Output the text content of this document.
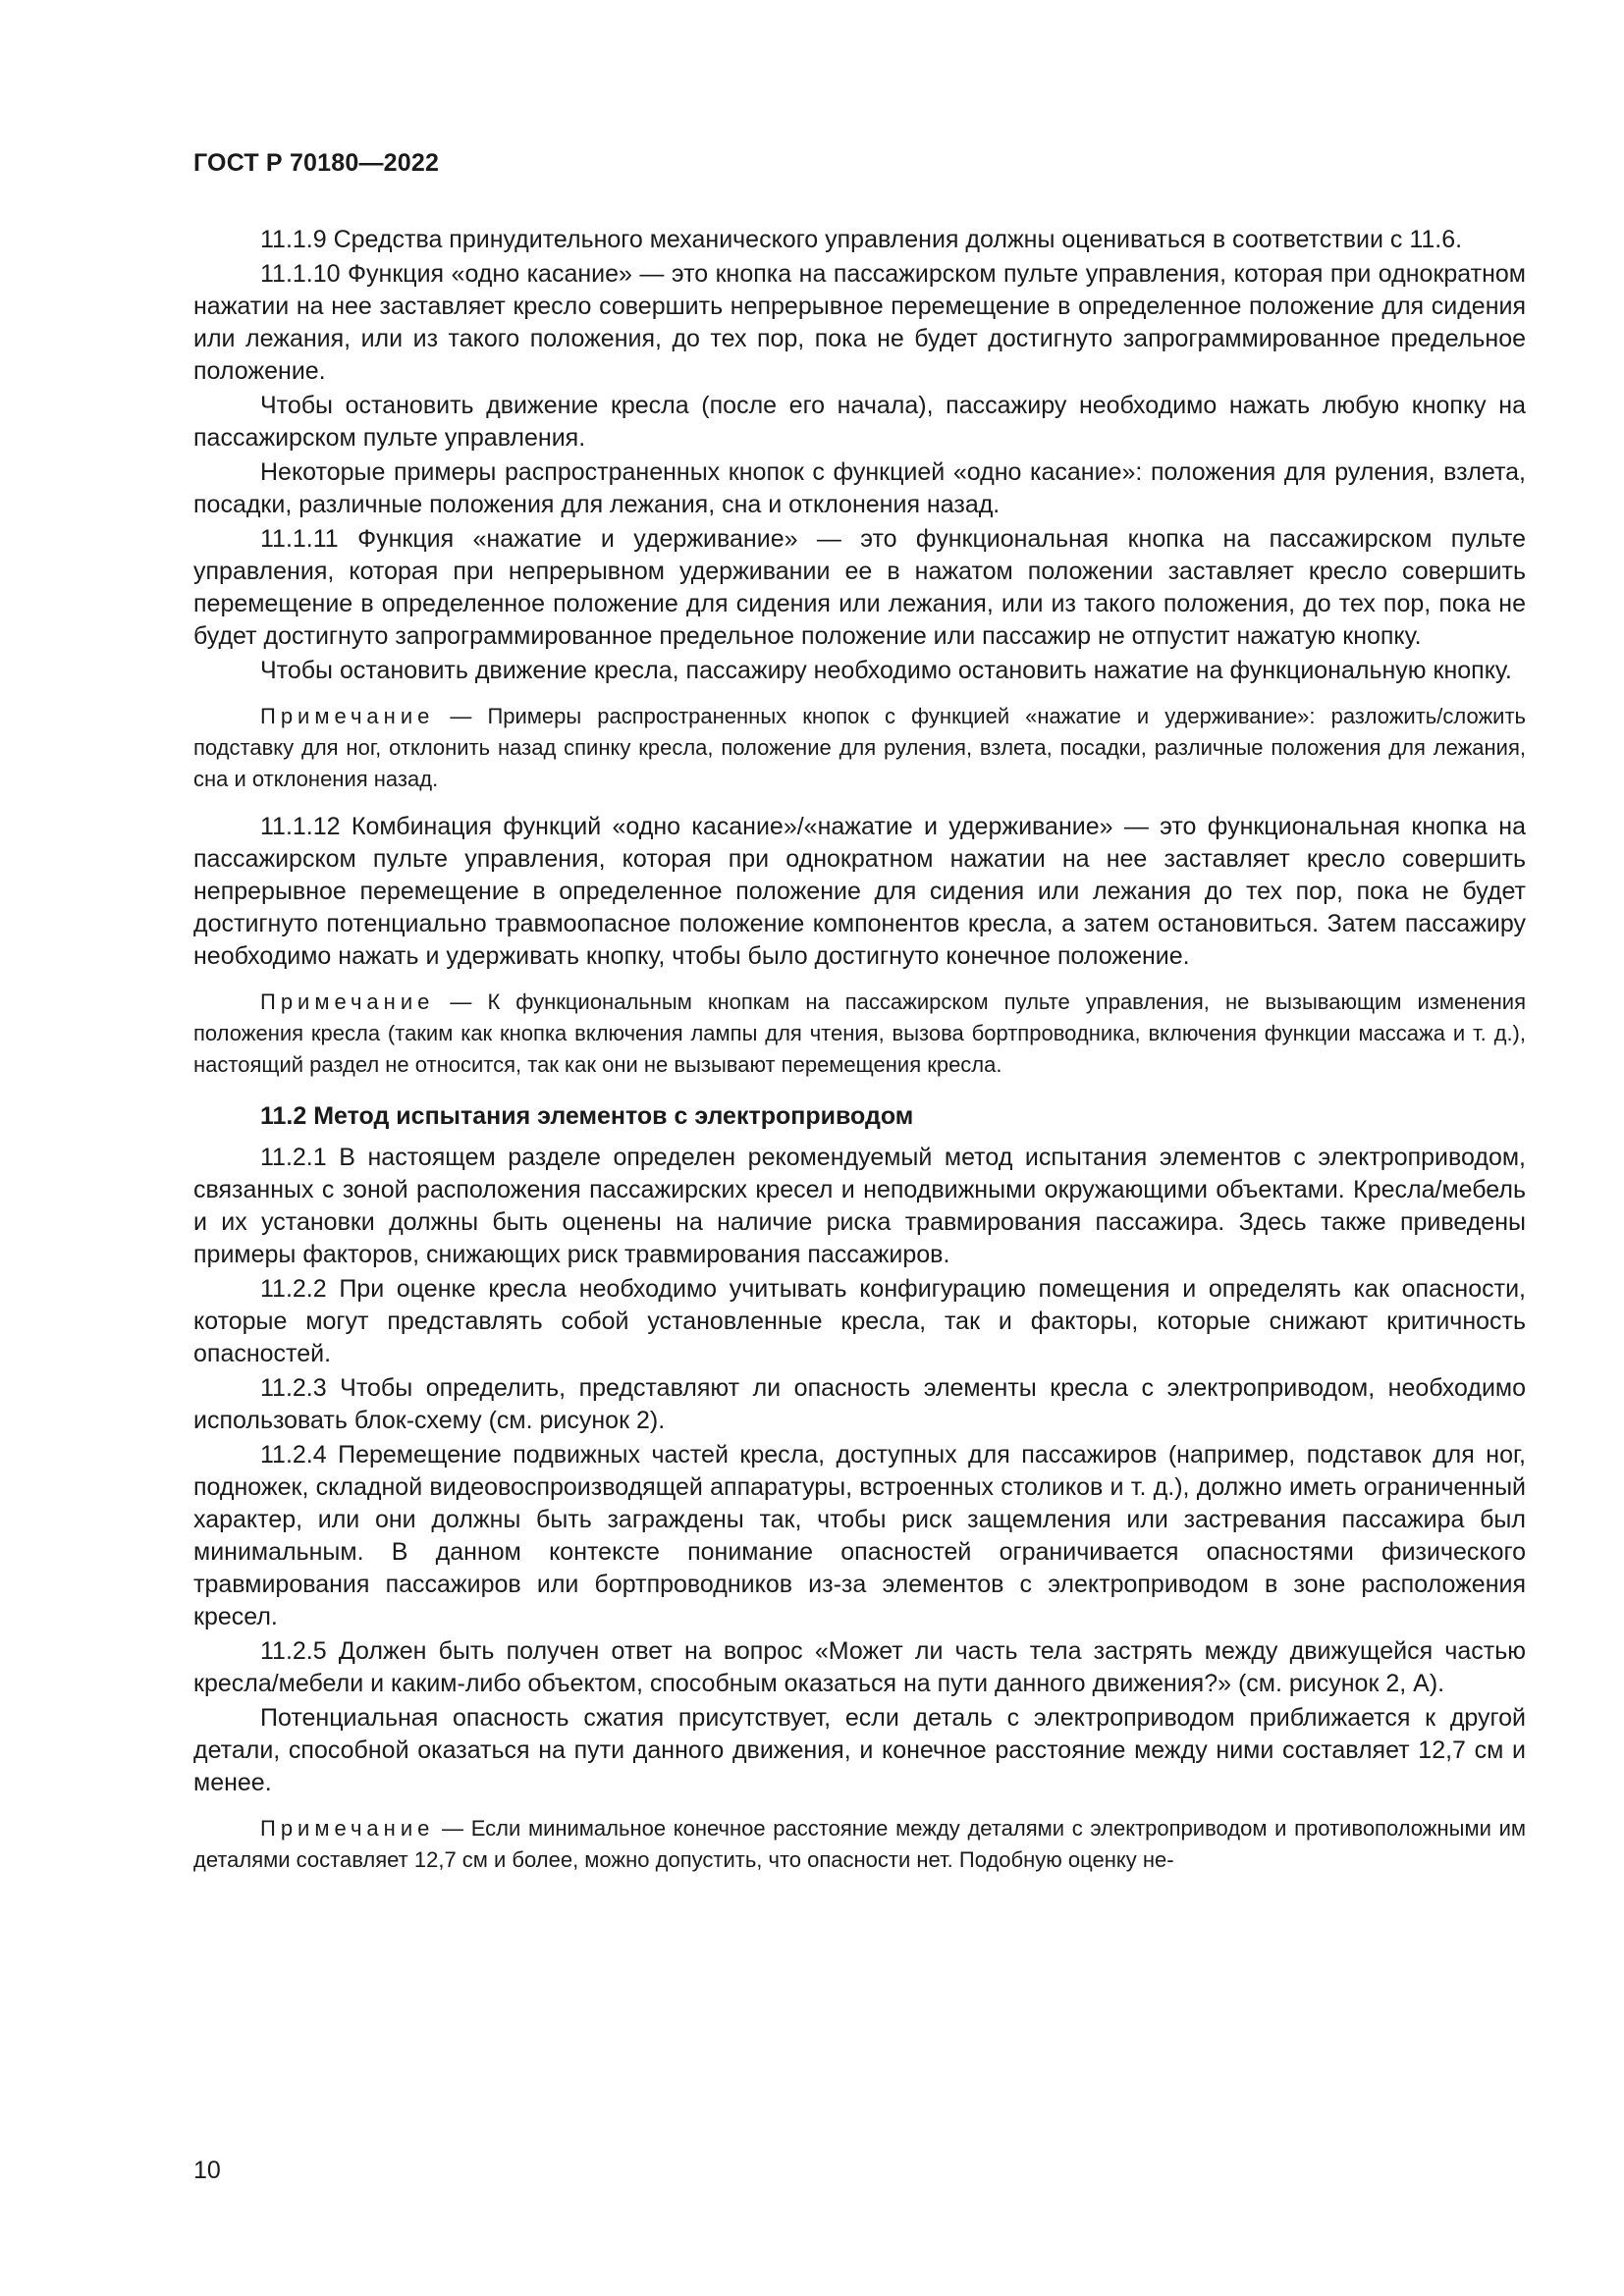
ГОСТ Р 70180—2022

11.1.9 Средства принудительного механического управления должны оцениваться в соответствии с 11.6.

11.1.10 Функция «одно касание» — это кнопка на пассажирском пульте управления, которая при однократном нажатии на нее заставляет кресло совершить непрерывное перемещение в определенное положение для сидения или лежания, или из такого положения, до тех пор, пока не будет достигнуто запрограммированное предельное положение.

Чтобы остановить движение кресла (после его начала), пассажиру необходимо нажать любую кнопку на пассажирском пульте управления.

Некоторые примеры распространенных кнопок с функцией «одно касание»: положения для руления, взлета, посадки, различные положения для лежания, сна и отклонения назад.

11.1.11 Функция «нажатие и удерживание» — это функциональная кнопка на пассажирском пульте управления, которая при непрерывном удерживании ее в нажатом положении заставляет кресло совершить перемещение в определенное положение для сидения или лежания, или из такого положения, до тех пор, пока не будет достигнуто запрограммированное предельное положение или пассажир не отпустит нажатую кнопку.

Чтобы остановить движение кресла, пассажиру необходимо остановить нажатие на функциональную кнопку.

Примечание — Примеры распространенных кнопок с функцией «нажатие и удерживание»: разложить/сложить подставку для ног, отклонить назад спинку кресла, положение для руления, взлета, посадки, различные положения для лежания, сна и отклонения назад.

11.1.12 Комбинация функций «одно касание»/«нажатие и удерживание» — это функциональная кнопка на пассажирском пульте управления, которая при однократном нажатии на нее заставляет кресло совершить непрерывное перемещение в определенное положение для сидения или лежания до тех пор, пока не будет достигнуто потенциально травмоопасное положение компонентов кресла, а затем остановиться. Затем пассажиру необходимо нажать и удерживать кнопку, чтобы было достигнуто конечное положение.

Примечание — К функциональным кнопкам на пассажирском пульте управления, не вызывающим изменения положения кресла (таким как кнопка включения лампы для чтения, вызова бортпроводника, включения функции массажа и т. д.), настоящий раздел не относится, так как они не вызывают перемещения кресла.

11.2 Метод испытания элементов с электроприводом

11.2.1 В настоящем разделе определен рекомендуемый метод испытания элементов с электроприводом, связанных с зоной расположения пассажирских кресел и неподвижными окружающими объектами. Кресла/мебель и их установки должны быть оценены на наличие риска травмирования пассажира. Здесь также приведены примеры факторов, снижающих риск травмирования пассажиров.

11.2.2 При оценке кресла необходимо учитывать конфигурацию помещения и определять как опасности, которые могут представлять собой установленные кресла, так и факторы, которые снижают критичность опасностей.

11.2.3 Чтобы определить, представляют ли опасность элементы кресла с электроприводом, необходимо использовать блок-схему (см. рисунок 2).

11.2.4 Перемещение подвижных частей кресла, доступных для пассажиров (например, подставок для ног, подножек, складной видеовоспроизводящей аппаратуры, встроенных столиков и т. д.), должно иметь ограниченный характер, или они должны быть заграждены так, чтобы риск защемления или застревания пассажира был минимальным. В данном контексте понимание опасностей ограничивается опасностями физического травмирования пассажиров или бортпроводников из-за элементов с электроприводом в зоне расположения кресел.

11.2.5 Должен быть получен ответ на вопрос «Может ли часть тела застрять между движущейся частью кресла/мебели и каким-либо объектом, способным оказаться на пути данного движения?» (см. рисунок 2, А).

Потенциальная опасность сжатия присутствует, если деталь с электроприводом приближается к другой детали, способной оказаться на пути данного движения, и конечное расстояние между ними составляет 12,7 см и менее.

Примечание — Если минимальное конечное расстояние между деталями с электроприводом и противоположными им деталями составляет 12,7 см и более, можно допустить, что опасности нет. Подобную оценку не-

10
